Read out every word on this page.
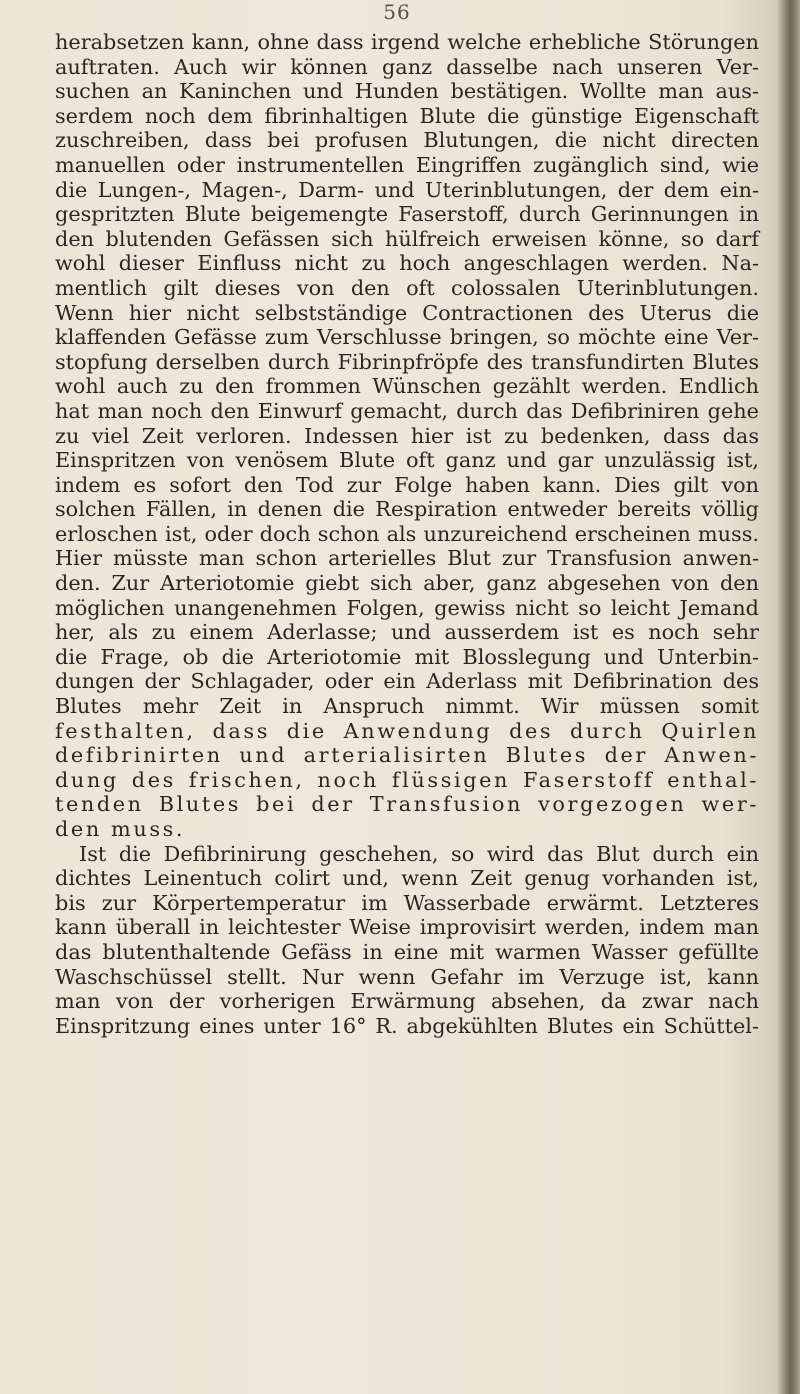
56
herabsetzen kann, ohne dass irgend welche erhebliche Störungen
auftraten. Auch wir können ganz dasselbe nach unseren Ver-
suchen an Kaninchen und Hunden bestätigen. Wollte man aus-
serdem noch dem fibrinhaltigen Blute die günstige Eigenschaft
zuschreiben, dass bei profusen Blutungen, die nicht directen
manuellen oder instrumentellen Eingriffen zugänglich sind, wie
die Lungen-, Magen-, Darm- und Uterinblutungen, der dem ein-
gespritzten Blute beigemengte Faserstoff, durch Gerinnungen in
den blutenden Gefässen sich hülfreich erweisen könne, so darf
wohl dieser Einfluss nicht zu hoch angeschlagen werden. Na-
mentlich gilt dieses von den oft colossalen Uterinblutungen.
Wenn hier nicht selbstständige Contractionen des Uterus die
klaffenden Gefässe zum Verschlusse bringen, so möchte eine Ver-
stopfung derselben durch Fibrinpfröpfe des transfundirten Blutes
wohl auch zu den frommen Wünschen gezählt werden. Endlich
hat man noch den Einwurf gemacht, durch das Defibriniren gehe
zu viel Zeit verloren. Indessen hier ist zu bedenken, dass das
Einspritzen von venösem Blute oft ganz und gar unzulässig ist,
indem es sofort den Tod zur Folge haben kann. Dies gilt von
solchen Fällen, in denen die Respiration entweder bereits völlig
erloschen ist, oder doch schon als unzureichend erscheinen muss.
Hier müsste man schon arterielles Blut zur Transfusion anwen-
den. Zur Arteriotomie giebt sich aber, ganz abgesehen von den
möglichen unangenehmen Folgen, gewiss nicht so leicht Jemand
her, als zu einem Aderlasse; und ausserdem ist es noch sehr
die Frage, ob die Arteriotomie mit Blosslegung und Unterbin-
dungen der Schlagader, oder ein Aderlass mit Defibrination des
Blutes mehr Zeit in Anspruch nimmt. Wir müssen somit
festhalten, dass die Anwendung des durch Quirlen
defibrinirten und arterialisirten Blutes der Anwen-
dung des frischen, noch flüssigen Faserstoff enthal-
tenden Blutes bei der Transfusion vorgezogen wer-
den muss.
Ist die Defibrinirung geschehen, so wird das Blut durch ein
dichtes Leinentuch colirt und, wenn Zeit genug vorhanden ist,
bis zur Körpertemperatur im Wasserbade erwärmt. Letzteres
kann überall in leichtester Weise improvisirt werden, indem man
das blutenthaltende Gefäss in eine mit warmen Wasser gefüllte
Waschschüssel stellt. Nur wenn Gefahr im Verzuge ist, kann
man von der vorherigen Erwärmung absehen, da zwar nach
Einspritzung eines unter 16° R. abgekühlten Blutes ein Schüttel-
